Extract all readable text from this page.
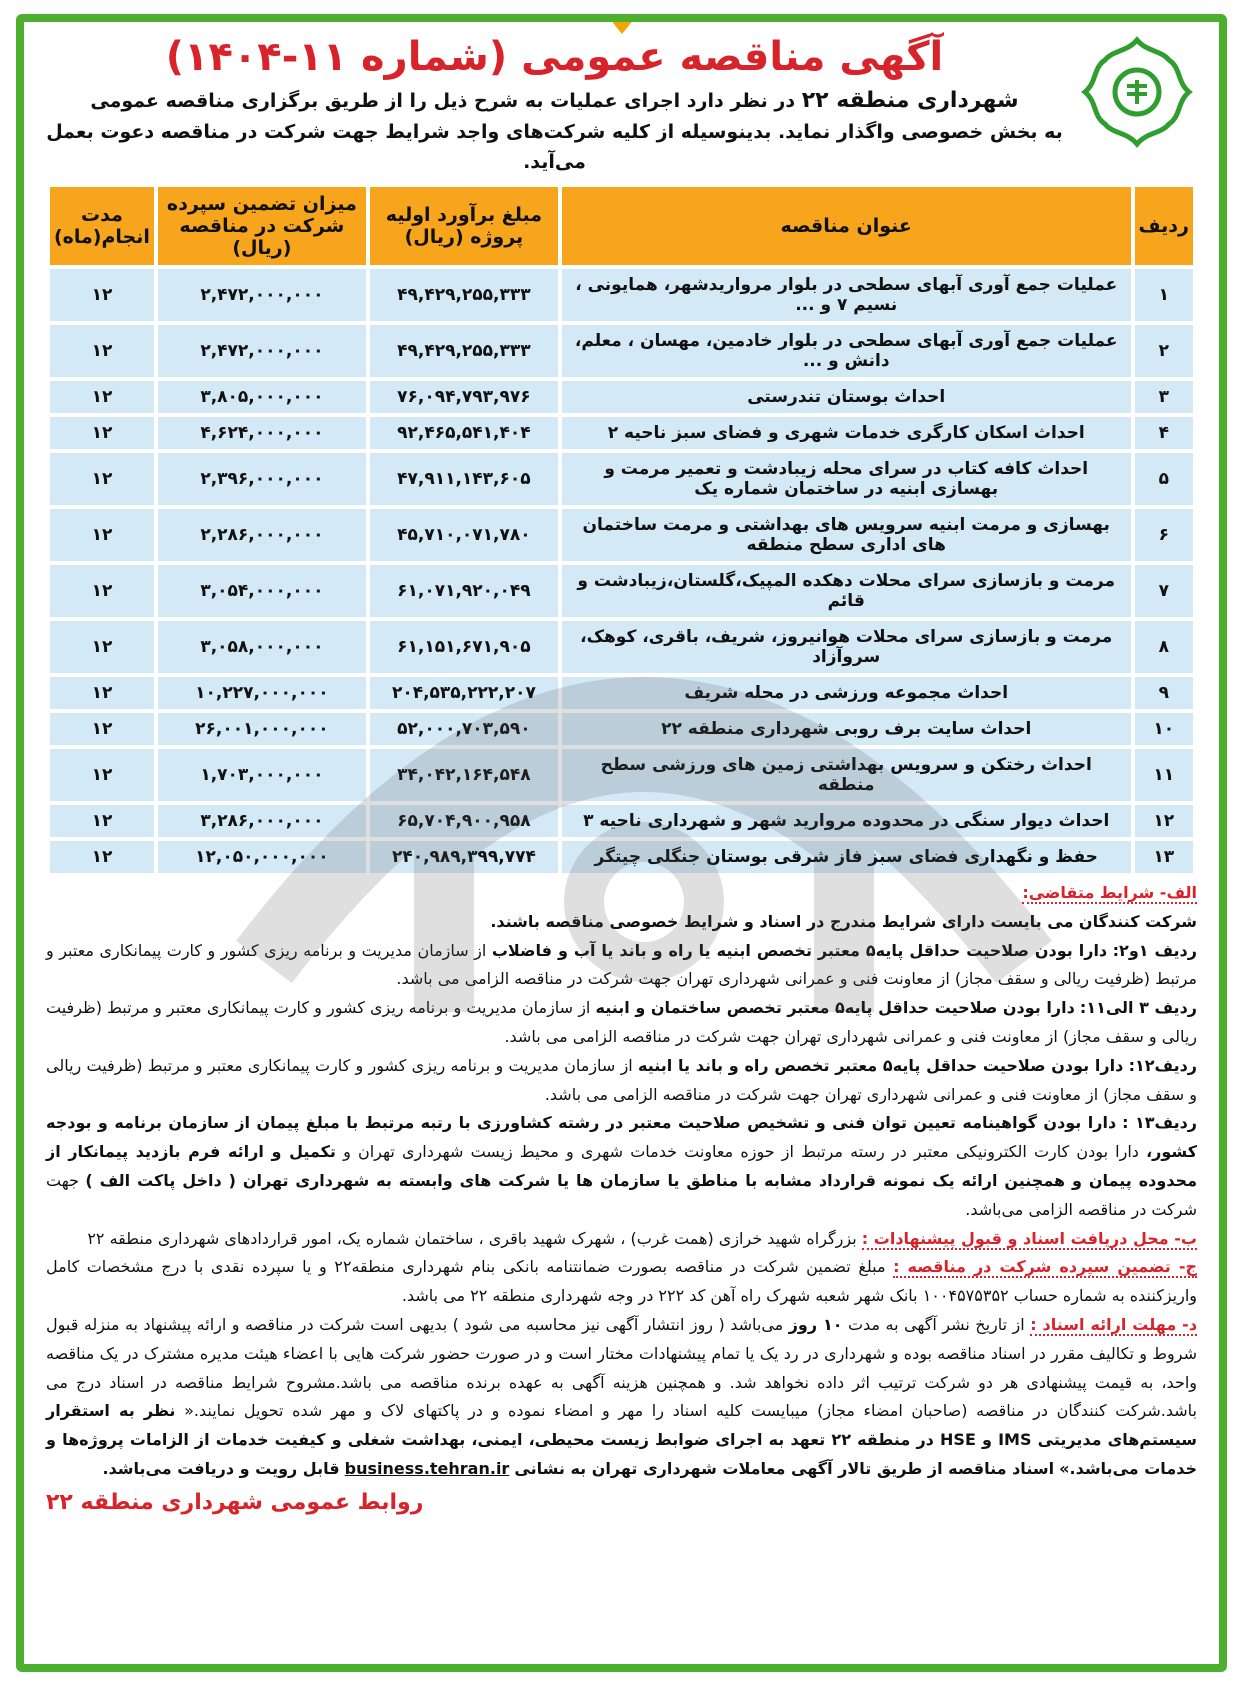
آگهی مناقصه عمومی (شماره ۱۱-۱۴۰۴)
شهرداری منطقه ۲۲ در نظر دارد اجرای عملیات به شرح ذیل را از طریق برگزاری مناقصه عمومی
به بخش خصوصی واگذار نماید. بدینوسیله از کلیه شرکت‌های واجد شرایط جهت شرکت در مناقصه دعوت بعمل می‌آید.
ردیف	عنوان مناقصه	مبلغ برآورد اولیه پروژه (ریال)	میزان تضمین سپرده شرکت در مناقصه (ریال)	مدت انجام(ماه)
۱	عملیات جمع آوری آبهای سطحی در بلوار مرواریدشهر، همایونی ، نسیم ۷ و ...	۴۹,۴۲۹,۲۵۵,۳۳۳	۲,۴۷۲,۰۰۰,۰۰۰	۱۲
۲	عملیات جمع آوری آبهای سطحی در بلوار خادمین، مهسان ، معلم، دانش و ...	۴۹,۴۲۹,۲۵۵,۳۳۳	۲,۴۷۲,۰۰۰,۰۰۰	۱۲
۳	احداث بوستان تندرستی	۷۶,۰۹۴,۷۹۳,۹۷۶	۳,۸۰۵,۰۰۰,۰۰۰	۱۲
۴	احداث اسکان کارگری خدمات شهری و فضای سبز ناحیه ۲	۹۲,۴۶۵,۵۴۱,۴۰۴	۴,۶۲۴,۰۰۰,۰۰۰	۱۲
۵	احداث کافه کتاب در سرای محله زیبادشت و تعمیر مرمت و بهسازی ابنیه در ساختمان شماره یک	۴۷,۹۱۱,۱۴۳,۶۰۵	۲,۳۹۶,۰۰۰,۰۰۰	۱۲
۶	بهسازی و مرمت ابنیه سرویس های بهداشتی و مرمت ساختمان های اداری سطح منطقه	۴۵,۷۱۰,۰۷۱,۷۸۰	۲,۲۸۶,۰۰۰,۰۰۰	۱۲
۷	مرمت و بازسازی سرای محلات دهکده المپیک،گلستان،زیبادشت و قائم	۶۱,۰۷۱,۹۲۰,۰۴۹	۳,۰۵۴,۰۰۰,۰۰۰	۱۲
۸	مرمت و بازسازی سرای محلات هوانیروز، شریف، باقری، کوهک، سروآزاد	۶۱,۱۵۱,۶۷۱,۹۰۵	۳,۰۵۸,۰۰۰,۰۰۰	۱۲
۹	احداث مجموعه ورزشی در محله شریف	۲۰۴,۵۳۵,۲۲۲,۲۰۷	۱۰,۲۲۷,۰۰۰,۰۰۰	۱۲
۱۰	احداث سایت برف روبی شهرداری منطقه ۲۲	۵۲,۰۰۰,۷۰۳,۵۹۰	۲۶,۰۰۱,۰۰۰,۰۰۰	۱۲
۱۱	احداث رختکن و سرویس بهداشتی زمین های ورزشی سطح منطقه	۳۴,۰۴۲,۱۶۴,۵۴۸	۱,۷۰۳,۰۰۰,۰۰۰	۱۲
۱۲	احداث دیوار سنگی در محدوده مروارید شهر و شهرداری ناحیه ۳	۶۵,۷۰۴,۹۰۰,۹۵۸	۳,۲۸۶,۰۰۰,۰۰۰	۱۲
۱۳	حفظ و نگهداری فضای سبز فاز شرقی بوستان جنگلی چیتگر	۲۴۰,۹۸۹,۳۹۹,۷۷۴	۱۲,۰۵۰,۰۰۰,۰۰۰	۱۲
الف- شرایط متقاضی:
شرکت کنندگان می بایست دارای شرایط مندرج در اسناد و شرایط خصوصی مناقصه باشند.
ردیف ۱و۲: دارا بودن صلاحیت حداقل پایه۵ معتبر تخصص ابنیه یا راه و باند یا آب و فاضلاب از سازمان مدیریت و برنامه ریزی کشور و کارت پیمانکاری معتبر و مرتبط (ظرفیت ریالی و سقف مجاز) از معاونت فنی و عمرانی شهرداری تهران جهت شرکت در مناقصه الزامی می باشد.
ردیف ۳ الی۱۱: دارا بودن صلاحیت حداقل پایه۵ معتبر تخصص ساختمان و ابنیه از سازمان مدیریت و برنامه ریزی کشور و کارت پیمانکاری معتبر و مرتبط (ظرفیت ریالی و سقف مجاز) از معاونت فنی و عمرانی شهرداری تهران جهت شرکت در مناقصه الزامی می باشد.
ردیف۱۲: دارا بودن صلاحیت حداقل پایه۵ معتبر تخصص راه و باند یا ابنیه از سازمان مدیریت و برنامه ریزی کشور و کارت پیمانکاری معتبر و مرتبط (ظرفیت ریالی و سقف مجاز) از معاونت فنی و عمرانی شهرداری تهران جهت شرکت در مناقصه الزامی می باشد.
ردیف۱۳ : دارا بودن گواهینامه تعیین توان فنی و تشخیص صلاحیت معتبر در رشته کشاورزی با رتبه مرتبط با مبلغ پیمان از سازمان برنامه و بودجه کشور، دارا بودن کارت الکترونیکی معتبر در رسته مرتبط از حوزه معاونت خدمات شهری و محیط زیست شهرداری تهران و تکمیل و ارائه فرم بازدید پیمانکار از محدوده پیمان و همچنین ارائه یک نمونه قرارداد مشابه با مناطق یا سازمان ها یا شرکت های وابسته به شهرداری تهران ( داخل پاکت الف ) جهت شرکت در مناقصه الزامی می‌باشد.
ب- محل دریافت اسناد و قبول پیشنهادات : بزرگراه شهید خرازی (همت غرب) ، شهرک شهید باقری ، ساختمان شماره یک، امور قراردادهای شهرداری منطقه ۲۲
ج- تضمین سپرده شرکت در مناقصه : مبلغ تضمین شرکت در مناقصه بصورت ضمانتنامه بانکی بنام شهرداری منطقه۲۲ و یا سپرده نقدی با درج مشخصات کامل واریزکننده به شماره حساب ۱۰۰۴۵۷۵۳۵۲ بانک شهر شعبه شهرک راه آهن کد ۲۲۲ در وجه شهرداری منطقه ۲۲ می باشد.
د- مهلت ارائه اسناد : از تاریخ نشر آگهی به مدت ۱۰ روز می‌باشد ( روز انتشار آگهی نیز محاسبه می شود ) بدیهی است شرکت در مناقصه و ارائه پیشنهاد به منزله قبول شروط و تکالیف مقرر در اسناد مناقصه بوده و شهرداری در رد یک یا تمام پیشنهادات مختار است و در صورت حضور شرکت هایی با اعضاء هیئت مدیره مشترک در یک مناقصه واحد، به قیمت پیشنهادی هر دو شرکت ترتیب اثر داده نخواهد شد. و همچنین هزینه آگهی به عهده برنده مناقصه می باشد.مشروح شرایط مناقصه در اسناد درج می باشد.شرکت کنندگان در مناقصه (صاحبان امضاء مجاز) میبایست کلیه اسناد را مهر و امضاء نموده و در پاکتهای لاک و مهر شده تحویل نمایند.« نظر به استقرار سیستم‌های مدیریتی IMS و HSE در منطقه ۲۲ تعهد به اجرای ضوابط زیست محیطی، ایمنی، بهداشت شغلی و کیفیت خدمات از الزامات پروژه‌ها و خدمات می‌باشد.» اسناد مناقصه از طریق تالار آگهی معاملات شهرداری تهران به نشانی business.tehran.ir قابل رویت و دریافت می‌باشد.
روابط عمومی شهرداری منطقه ۲۲
